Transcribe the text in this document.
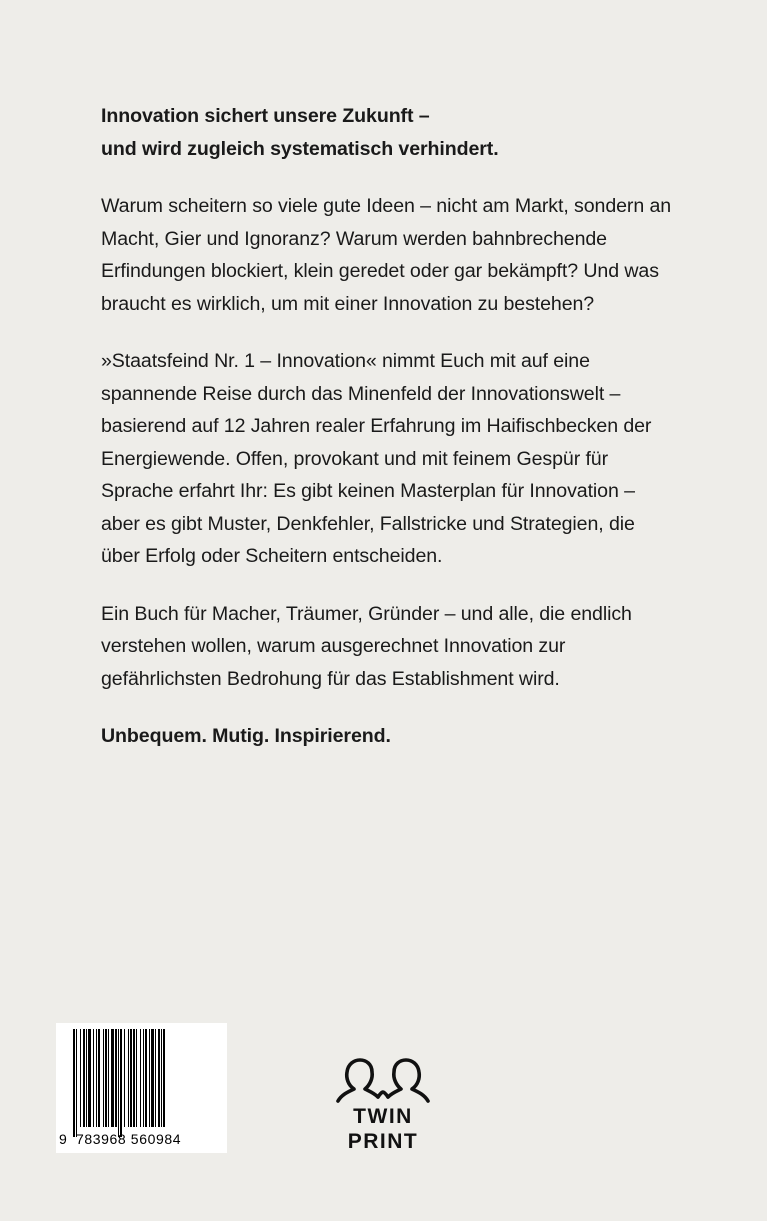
Innovation sichert unsere Zukunft –
und wird zugleich systematisch verhindert.

Warum scheitern so viele gute Ideen – nicht am Markt, sondern an Macht, Gier und Ignoranz? Warum werden bahnbrechende Erfindungen blockiert, klein geredet oder gar bekämpft? Und was braucht es wirklich, um mit einer Innovation zu bestehen?

»Staatsfeind Nr. 1 – Innovation« nimmt Euch mit auf eine spannende Reise durch das Minenfeld der Innovationswelt – basierend auf 12 Jahren realer Erfahrung im Haifischbecken der Energiewende. Offen, provokant und mit feinem Gespür für Sprache erfahrt Ihr: Es gibt keinen Masterplan für Innovation – aber es gibt Muster, Denkfehler, Fallstricke und Strategien, die über Erfolg oder Scheitern entscheiden.

Ein Buch für Macher, Träumer, Gründer – und alle, die endlich verstehen wollen, warum ausgerechnet Innovation zur gefährlichsten Bedrohung für das Establishment wird.

Unbequem. Mutig. Inspirierend.

9 783968 560984
TWIN
PRINT
